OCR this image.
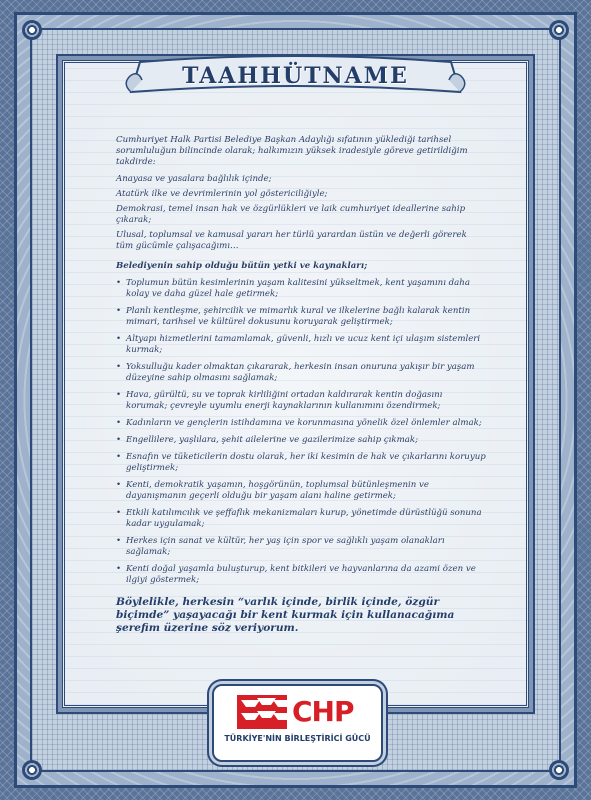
TAAHHÜTNAME

Cumhuriyet Halk Partisi Belediye Başkan Adaylığı sıfatının yüklediği tarihsel sorumluluğun bilincinde olarak; halkımızın yüksek iradesiyle göreve getirildiğim takdirde:

Anayasa ve yasalara bağlılık içinde;

Atatürk ilke ve devrimlerinin yol göstericiliğiyle;

Demokrasi, temel insan hak ve özgürlükleri ve laik cumhuriyet ideallerine sahip çıkarak;

Ulusal, toplumsal ve kamusal yararı her türlü yarardan üstün ve değerli görerek tüm gücümle çalışacağımı…

Belediyenin sahip olduğu bütün yetki ve kaynakları;

• Toplumun bütün kesimlerinin yaşam kalitesini yükseltmek, kent yaşamını daha kolay ve daha güzel hale getirmek;
• Planlı kentleşme, şehircilik ve mimarlık kural ve ilkelerine bağlı kalarak kentin mimari, tarihsel ve kültürel dokusunu koruyarak geliştirmek;
• Altyapı hizmetlerini tamamlamak, güvenli, hızlı ve ucuz kent içi ulaşım sistemleri kurmak;
• Yoksulluğu kader olmaktan çıkararak, herkesin insan onuruna yakışır bir yaşam düzeyine sahip olmasını sağlamak;
• Hava, gürültü, su ve toprak kirliliğini ortadan kaldırarak kentin doğasını korumak; çevreyle uyumlu enerji kaynaklarının kullanımını özendirmek;
• Kadınların ve gençlerin istihdamına ve korunmasına yönelik özel önlemler almak;
• Engellilere, yaşlılara, şehit ailelerine ve gazilerimize sahip çıkmak;
• Esnafın ve tüketicilerin dostu olarak, her iki kesimin de hak ve çıkarlarını koruyup geliştirmek;
• Kenti, demokratik yaşamın, hoşgörünün, toplumsal bütünleşmenin ve dayanışmanın geçerli olduğu bir yaşam alanı haline getirmek;
• Etkili katılımcılık ve şeffaflık mekanizmaları kurup, yönetimde dürüstlüğü sonuna kadar uygulamak;
• Herkes için sanat ve kültür, her yaş için spor ve sağlıklı yaşam olanakları sağlamak;
• Kenti doğal yaşamla buluşturup, kent bitkileri ve hayvanlarına da azami özen ve ilgiyi göstermek;

Böylelikle, herkesin “varlık içinde, birlik içinde, özgür biçimde” yaşayacağı bir kent kurmak için kullanacağıma şerefim üzerine söz veriyorum.

CHP
TÜRKİYE'NİN BİRLEŞTİRİCİ GÜCÜ
